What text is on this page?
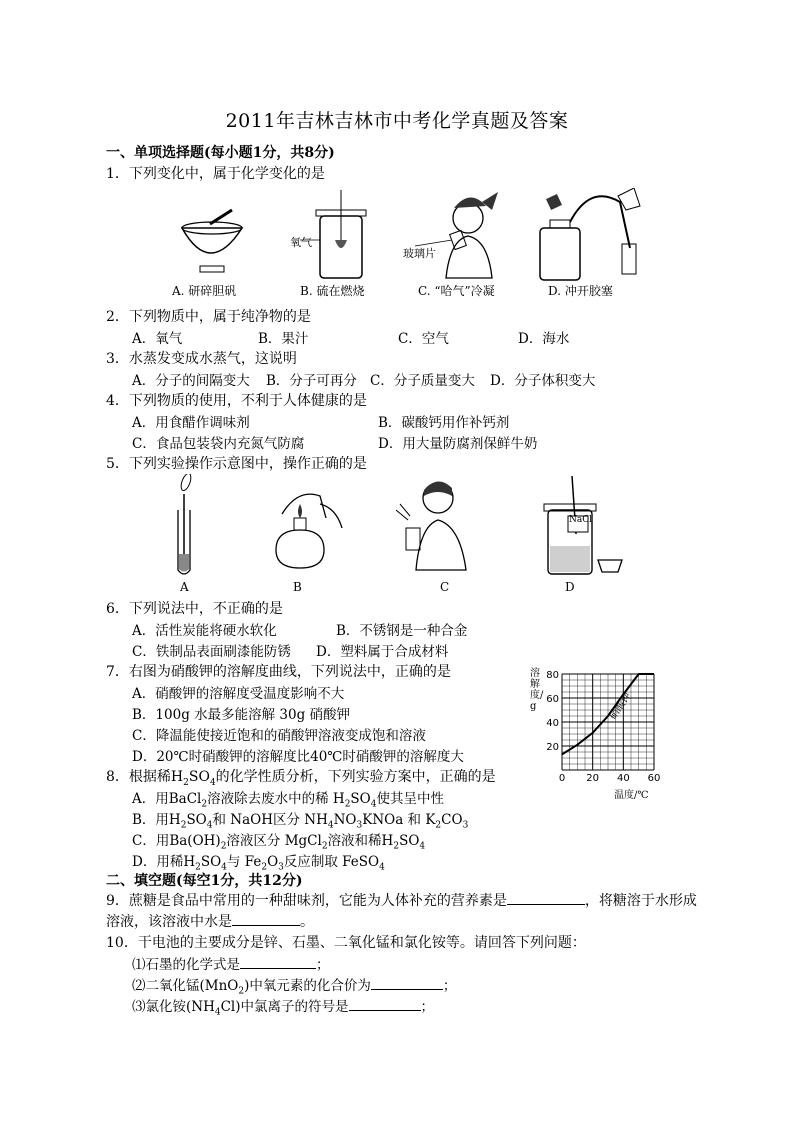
2011年吉林吉林市中考化学真题及答案
一、单项选择题(每小题1分，共8分)
1．下列变化中，属于化学变化的是
氧气
玻璃片
A. 研碎胆矾	B. 硫在燃烧	C. “哈气”冷凝	D. 冲开胶塞
2．下列物质中，属于纯净物的是
A．氧气	B．果汁	C．空气	D．海水
3．水蒸发变成水蒸气，这说明
A．分子的间隔变大 B．分子可再分 C．分子质量变大 D．分子体积变大
4．下列物质的使用，不利于人体健康的是
A．用食醋作调味剂	B．碳酸钙用作补钙剂
C．食品包装袋内充氮气防腐	D．用大量防腐剂保鲜牛奶
5．下列实验操作示意图中，操作正确的是
NaCl
A	B	C	D
6．下列说法中，不正确的是
A．活性炭能将硬水软化	B．不锈钢是一种合金
C．铁制品表面刷漆能防锈 D．塑料属于合成材料
7．右图为硝酸钾的溶解度曲线，下列说法中，正确的是
A．硝酸钾的溶解度受温度影响不大
B．100g 水最多能溶解 30g 硝酸钾
C．降温能使接近饱和的硝酸钾溶液变成饱和溶液
D．20℃时硝酸钾的溶解度比40℃时硝酸钾的溶解度大
0 20 40 60
20
40
60
80
硝酸钾
溶解度/g
温度/℃
8．根据稀$H_2SO_4$的化学性质分析，下列实验方案中，正确的是
A．用BaCl$_2$溶液除去废水中的稀 $H_2SO_4$使其呈中性
B．用$H_2SO_4$和 NaOH区分 $NH_4NO_3KNOa$ 和 $K_2CO_3$
C．用$Ba(OH)_2$溶液区分 MgCl$_2$溶液和稀$H_2SO_4$
D．用稀$H_2SO_4$与 $Fe_2O_3$反应制取 FeSO$_4$
二、填空题(每空1分，共12分)
9．蔗糖是食品中常用的一种甜味剂，它能为人体补充的营养素是	，将糖溶于水形成
溶液，该溶液中水是	。
10．干电池的主要成分是锌、石墨、二氧化锰和氯化铵等。请回答下列问题：
⑴石墨的化学式是	；
⑵二氧化锰(MnO$_2$)中氧元素的化合价为	；
⑶氯化铵$(NH_4Cl)$中氯离子的符号是	；
